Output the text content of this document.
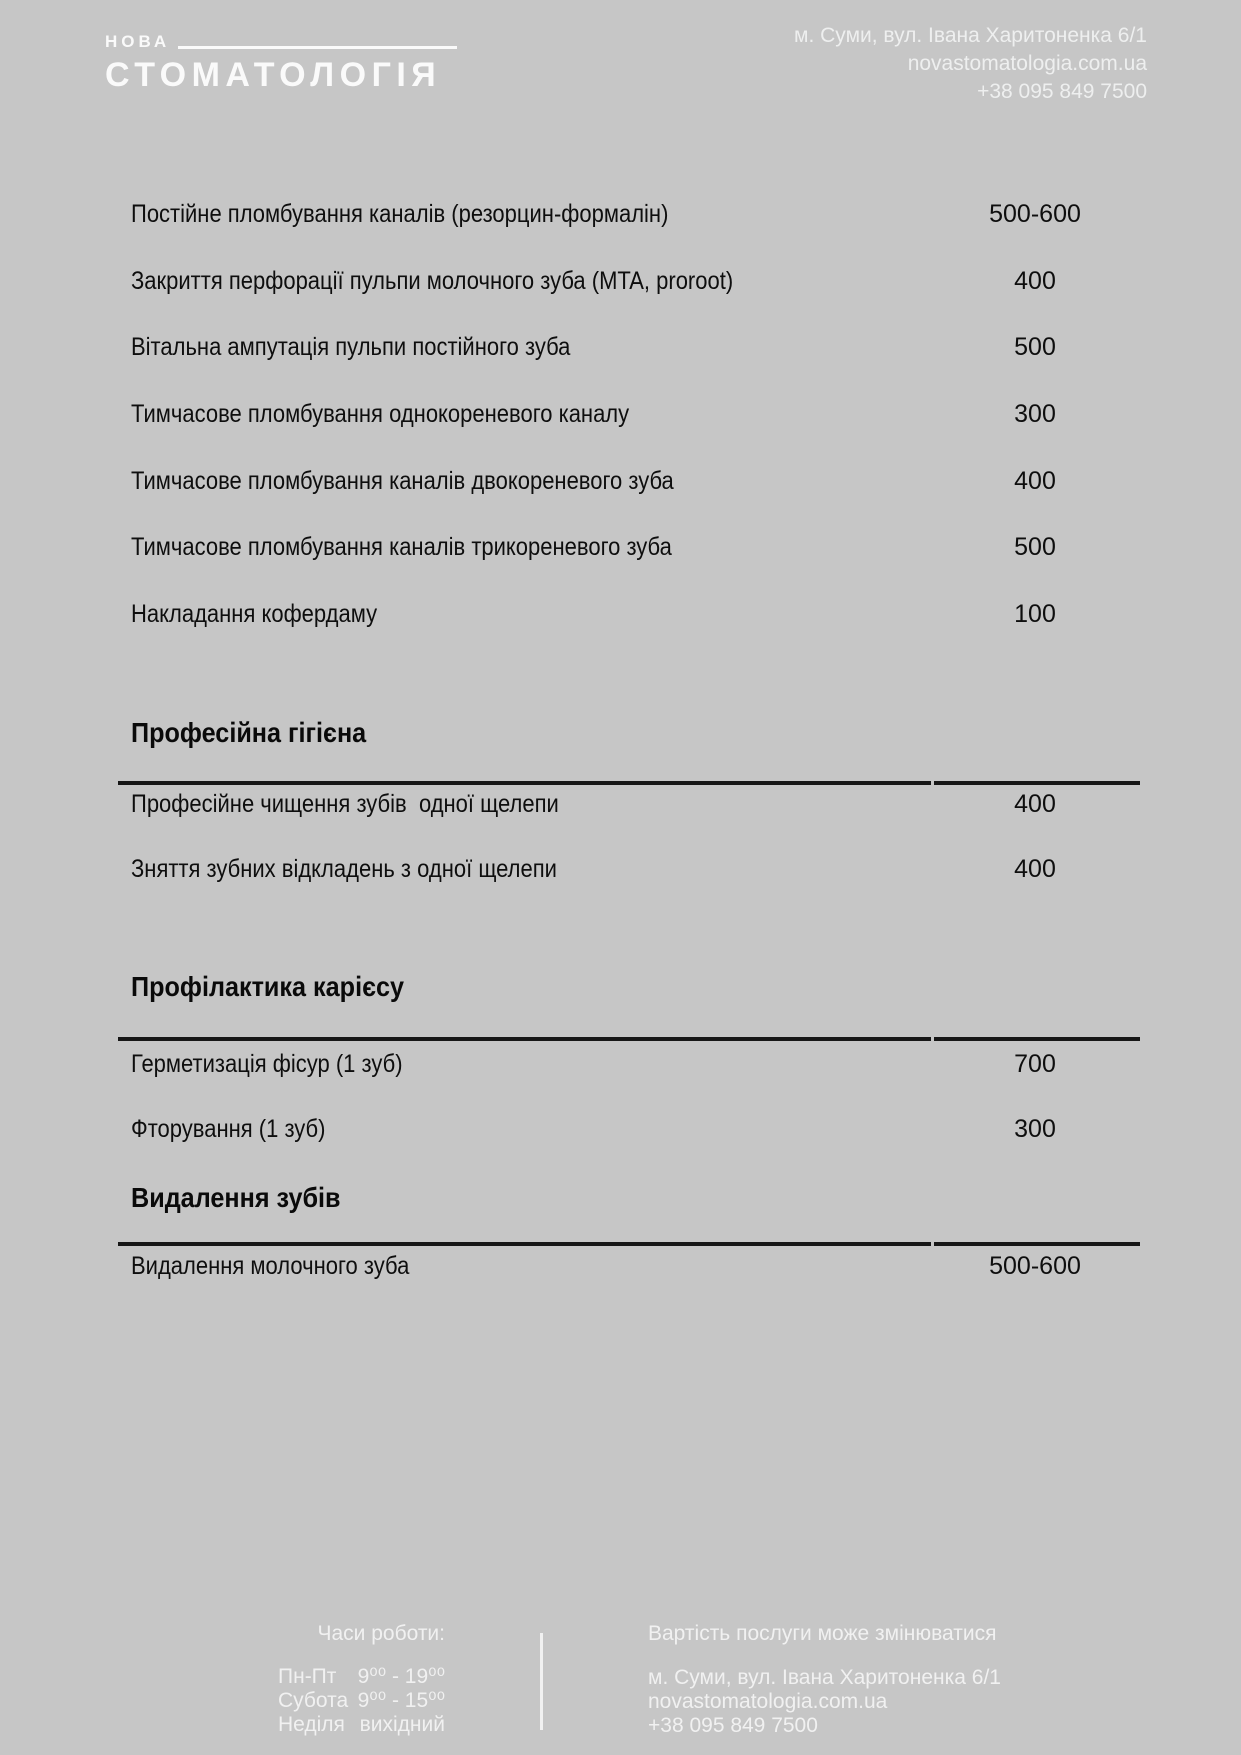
НОВА
СТОМАТОЛОГІЯ
м. Суми, вул. Івана Харитоненка 6/1
novastomatologia.com.ua
+38 095 849 7500
Професійна гігієна
Профілактика карієсу
Видалення зубів
Постійне пломбування каналів (резорцин-формалін)	500-600
Закриття перфорації пульпи молочного зуба (MTA, proroot)	400
Вітальна ампутація пульпи постійного зуба	500
Тимчасове пломбування однокореневого каналу	300
Тимчасове пломбування каналів двокореневого зуба	400
Тимчасове пломбування каналів трикореневого зуба	500
Накладання кофердаму	100
Професійне чищення зубів  одної щелепи	400
Зняття зубних відкладень з одної щелепи	400
Герметизація фісур (1 зуб)	700
Фторування (1 зуб)	300
Видалення молочного зуба	500-600
Пн-Пт 9⁰⁰ - 19⁰⁰
Субота 9⁰⁰ - 15⁰⁰
Неділя вихідний
Часи роботи:	Вартість послуги може змінюватися
м. Суми, вул. Івана Харитоненка 6/1
novastomatologia.com.ua
+38 095 849 7500
